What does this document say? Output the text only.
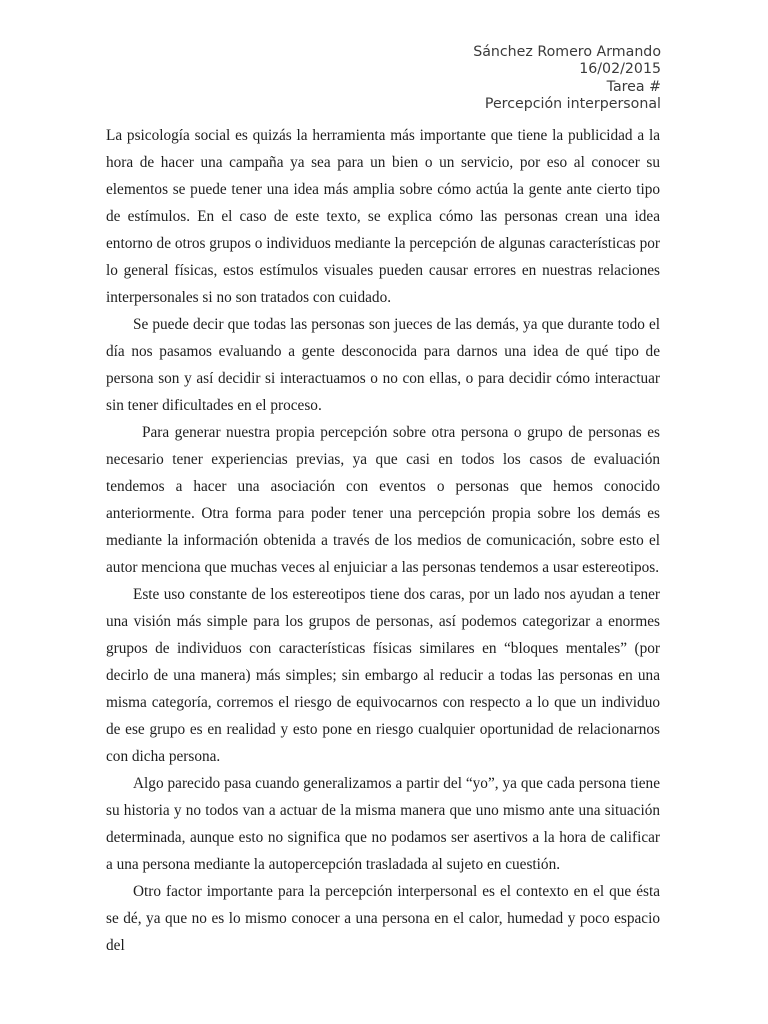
Sánchez Romero Armando
16/02/2015
Tarea #
Percepción interpersonal

La psicología social es quizás la herramienta más importante que tiene la publicidad a la hora de hacer una campaña ya sea para un bien o un servicio, por eso al conocer su elementos se puede tener una idea más amplia sobre cómo actúa la gente ante cierto tipo de estímulos. En el caso de este texto, se explica cómo las personas crean una idea entorno de otros grupos o individuos mediante la percepción de algunas características por lo general físicas, estos estímulos visuales pueden causar errores en nuestras relaciones interpersonales si no son tratados con cuidado.

Se puede decir que todas las personas son jueces de las demás, ya que durante todo el día nos pasamos evaluando a gente desconocida para darnos una idea de qué tipo de persona son y así decidir si interactuamos o no con ellas, o para decidir cómo interactuar sin tener dificultades en el proceso.

Para generar nuestra propia percepción sobre otra persona o grupo de personas es necesario tener experiencias previas, ya que casi en todos los casos de evaluación tendemos a hacer una asociación con eventos o personas que hemos conocido anteriormente. Otra forma para poder tener una percepción propia sobre los demás es mediante la información obtenida a través de los medios de comunicación, sobre esto el autor menciona que muchas veces al enjuiciar a las personas tendemos a usar estereotipos.

Este uso constante de los estereotipos tiene dos caras, por un lado nos ayudan a tener una visión más simple para los grupos de personas, así podemos categorizar a enormes grupos de individuos con características físicas similares en “bloques mentales” (por decirlo de una manera) más simples; sin embargo al reducir a todas las personas en una misma categoría, corremos el riesgo de equivocarnos con respecto a lo que un individuo de ese grupo es en realidad y esto pone en riesgo cualquier oportunidad de relacionarnos con dicha persona.

Algo parecido pasa cuando generalizamos a partir del “yo”, ya que cada persona tiene su historia y no todos van a actuar de la misma manera que uno mismo ante una situación determinada, aunque esto no significa que no podamos ser asertivos a la hora de calificar a una persona mediante la autopercepción trasladada al sujeto en cuestión.

Otro factor importante para la percepción interpersonal es el contexto en el que ésta se dé, ya que no es lo mismo conocer a una persona en el calor, humedad y poco espacio del
